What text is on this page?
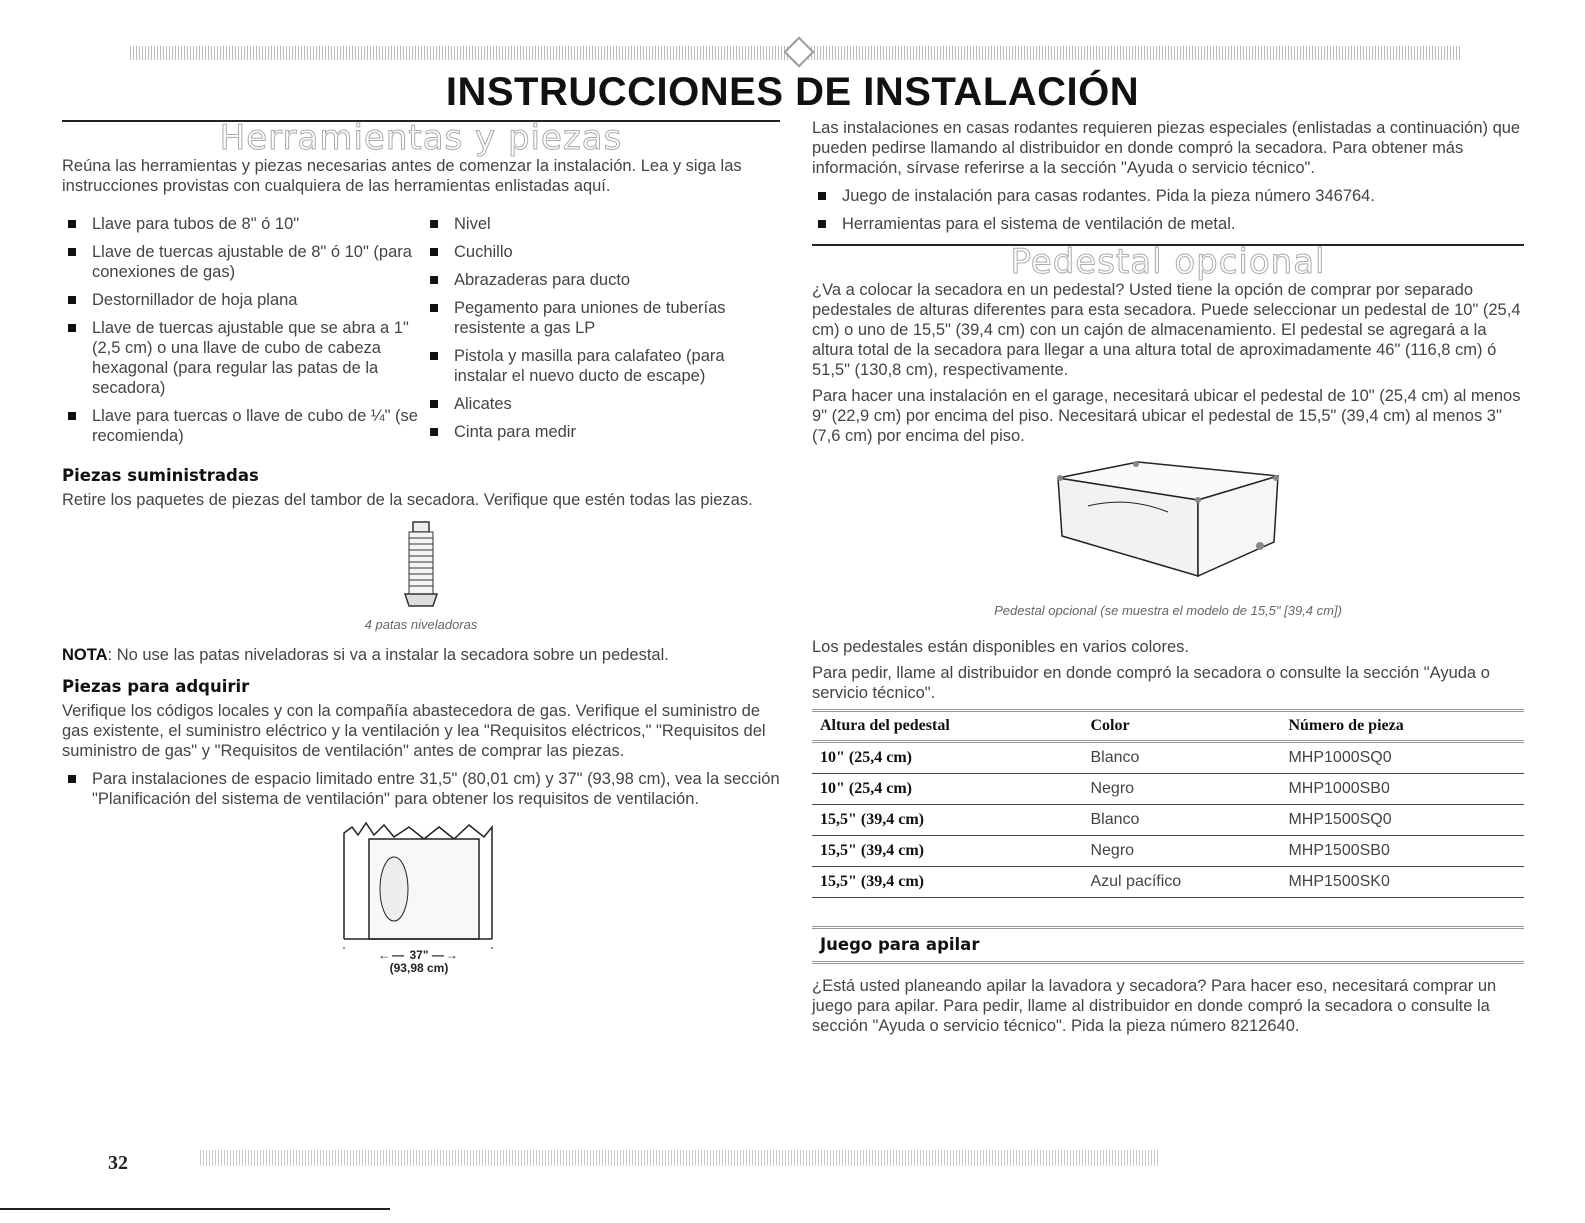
INSTRUCCIONES DE INSTALACIÓN
Herramientas y piezas

Reúna las herramientas y piezas necesarias antes de comenzar la instalación. Lea y siga las instrucciones provistas con cualquiera de las herramientas enlistadas aquí.

Llave para tubos de 8" ó 10"
Llave de tuercas ajustable de 8" ó 10" (para conexiones de gas)
Destornillador de hoja plana
Llave de tuercas ajustable que se abra a 1" (2,5 cm) o una llave de cubo de cabeza hexagonal (para regular las patas de la secadora)
Llave para tuercas o llave de cubo de ¼" (se recomienda)
Nivel
Cuchillo
Abrazaderas para ducto
Pegamento para uniones de tuberías resistente a gas LP
Pistola y masilla para calafateo (para instalar el nuevo ducto de escape)
Alicates
Cinta para medir
Piezas suministradas

Retire los paquetes de piezas del tambor de la secadora. Verifique que estén todas las piezas.

4 patas niveladoras

NOTA: No use las patas niveladoras si va a instalar la secadora sobre un pedestal.

Piezas para adquirir

Verifique los códigos locales y con la compañía abastecedora de gas. Verifique el suministro de gas existente, el suministro eléctrico y la ventilación y lea "Requisitos eléctricos," "Requisitos del suministro de gas" y "Requisitos de ventilación" antes de comprar las piezas.

Para instalaciones de espacio limitado entre 31,5" (80,01 cm) y 37" (93,98 cm), vea la sección "Planificación del sistema de ventilación" para obtener los requisitos de ventilación.
←— 37" —→
(93,98 cm)

Las instalaciones en casas rodantes requieren piezas especiales (enlistadas a continuación) que pueden pedirse llamando al distribuidor en donde compró la secadora. Para obtener más información, sírvase referirse a la sección "Ayuda o servicio técnico".

Juego de instalación para casas rodantes. Pida la pieza número 346764.
Herramientas para el sistema de ventilación de metal.
Pedestal opcional

¿Va a colocar la secadora en un pedestal? Usted tiene la opción de comprar por separado pedestales de alturas diferentes para esta secadora. Puede seleccionar un pedestal de 10" (25,4 cm) o uno de 15,5" (39,4 cm) con un cajón de almacenamiento. El pedestal se agregará a la altura total de la secadora para llegar a una altura total de aproximadamente 46" (116,8 cm) ó 51,5" (130,8 cm), respectivamente.

Para hacer una instalación en el garage, necesitará ubicar el pedestal de 10" (25,4 cm) al menos 9" (22,9 cm) por encima del piso. Necesitará ubicar el pedestal de 15,5" (39,4 cm) al menos 3" (7,6 cm) por encima del piso.

Pedestal opcional (se muestra el modelo de 15,5" [39,4 cm])

Los pedestales están disponibles en varios colores.

Para pedir, llame al distribuidor en donde compró la secadora o consulte la sección "Ayuda o servicio técnico".

Altura del pedestal	Color	Número de pieza
10" (25,4 cm)	Blanco	MHP1000SQ0
10" (25,4 cm)	Negro	MHP1000SB0
15,5" (39,4 cm)	Blanco	MHP1500SQ0
15,5" (39,4 cm)	Negro	MHP1500SB0
15,5" (39,4 cm)	Azul pacífico	MHP1500SK0
Juego para apilar

¿Está usted planeando apilar la lavadora y secadora? Para hacer eso, necesitará comprar un juego para apilar. Para pedir, llame al distribuidor en donde compró la secadora o consulte la sección "Ayuda o servicio técnico". Pida la pieza número 8212640.

32
